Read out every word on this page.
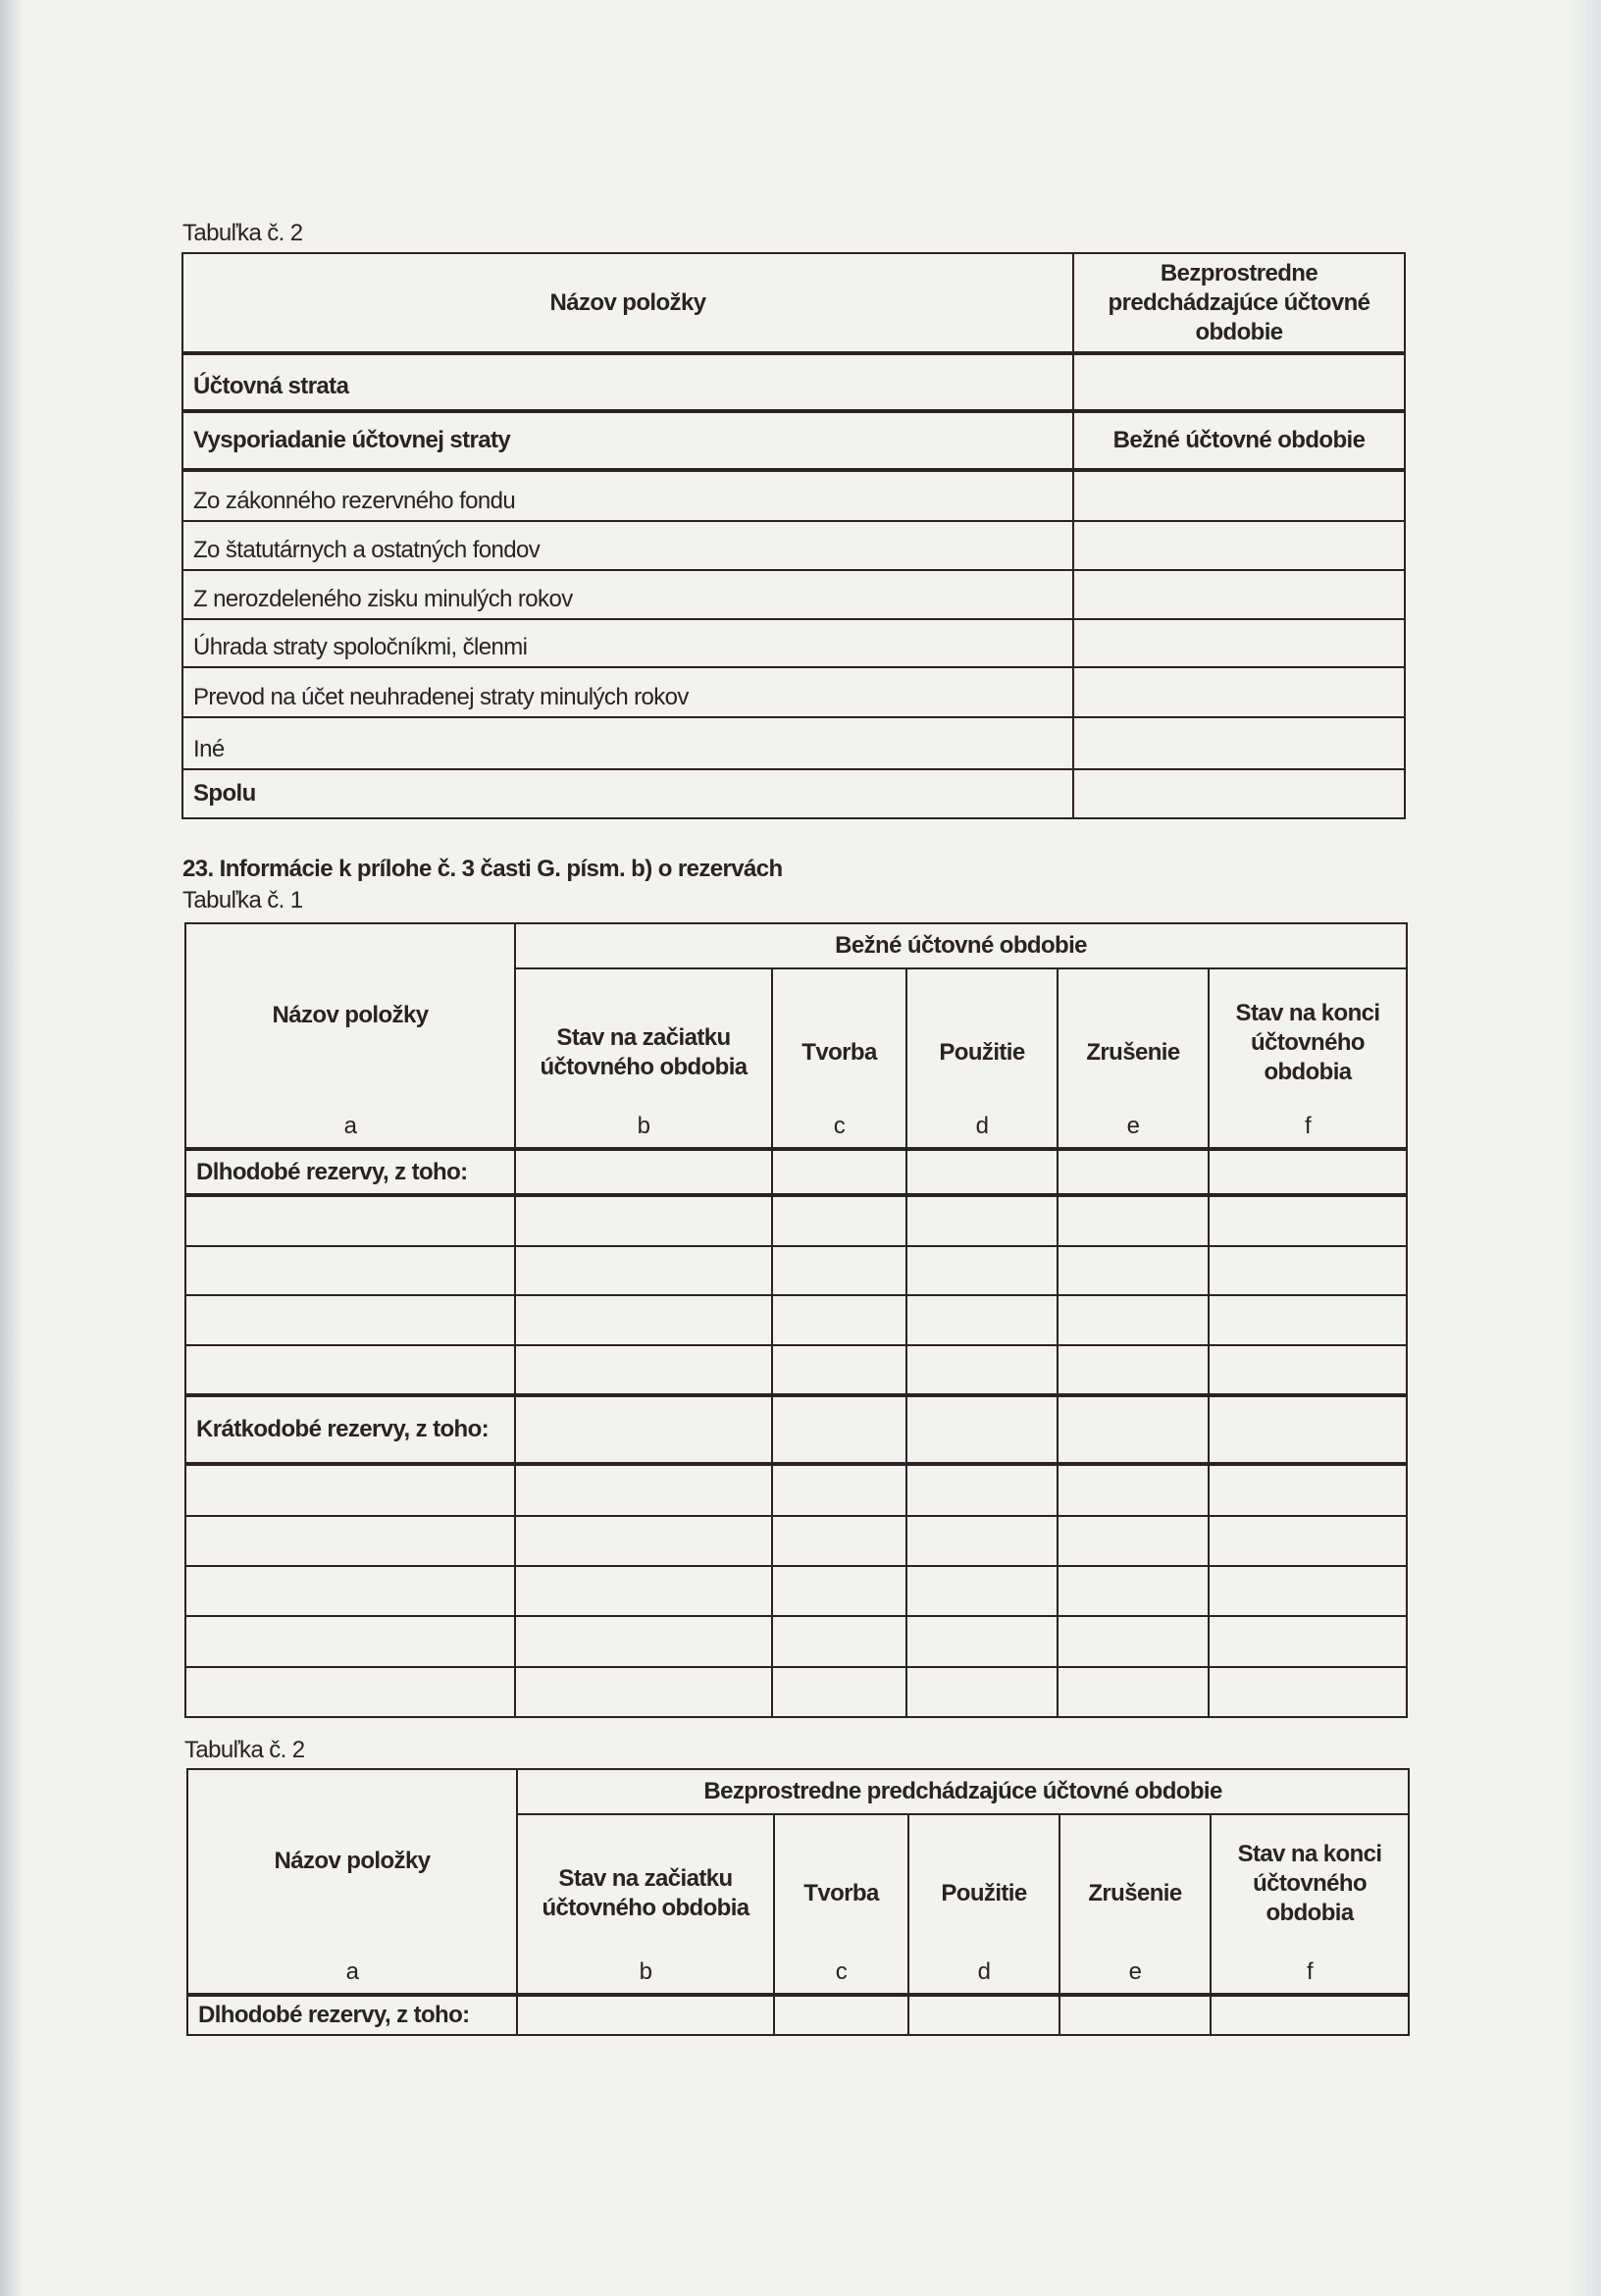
Tabuľka č. 2
Názov položky	Bezprostredne predchádzajúce účtovné obdobie
Účtovná strata	
Vysporiadanie účtovnej straty	Bežné účtovné obdobie
Zo zákonného rezervného fondu	
Zo štatutárnych a ostatných fondov	
Z nerozdeleného zisku minulých rokov	
Úhrada straty spoločníkmi, členmi	
Prevod na účet neuhradenej straty minulých rokov	
Iné	
Spolu	
23. Informácie k prílohe č. 3 časti G. písm. b) o rezervách
Tabuľka č. 1
Názov položky	Bežné účtovné obdobie				
	Stav na začiatku účtovného obdobia	Tvorba	Použitie	Zrušenie	Stav na konci účtovného obdobia
a	b	c	d	e	f
Dlhodobé rezervy, z toho:					

Krátkodobé rezervy, z toho:					

Tabuľka č. 2
Názov položky	Bezprostredne predchádzajúce účtovné obdobie				
	Stav na začiatku účtovného obdobia	Tvorba	Použitie	Zrušenie	Stav na konci účtovného obdobia
a	b	c	d	e	f
Dlhodobé rezervy, z toho:					
